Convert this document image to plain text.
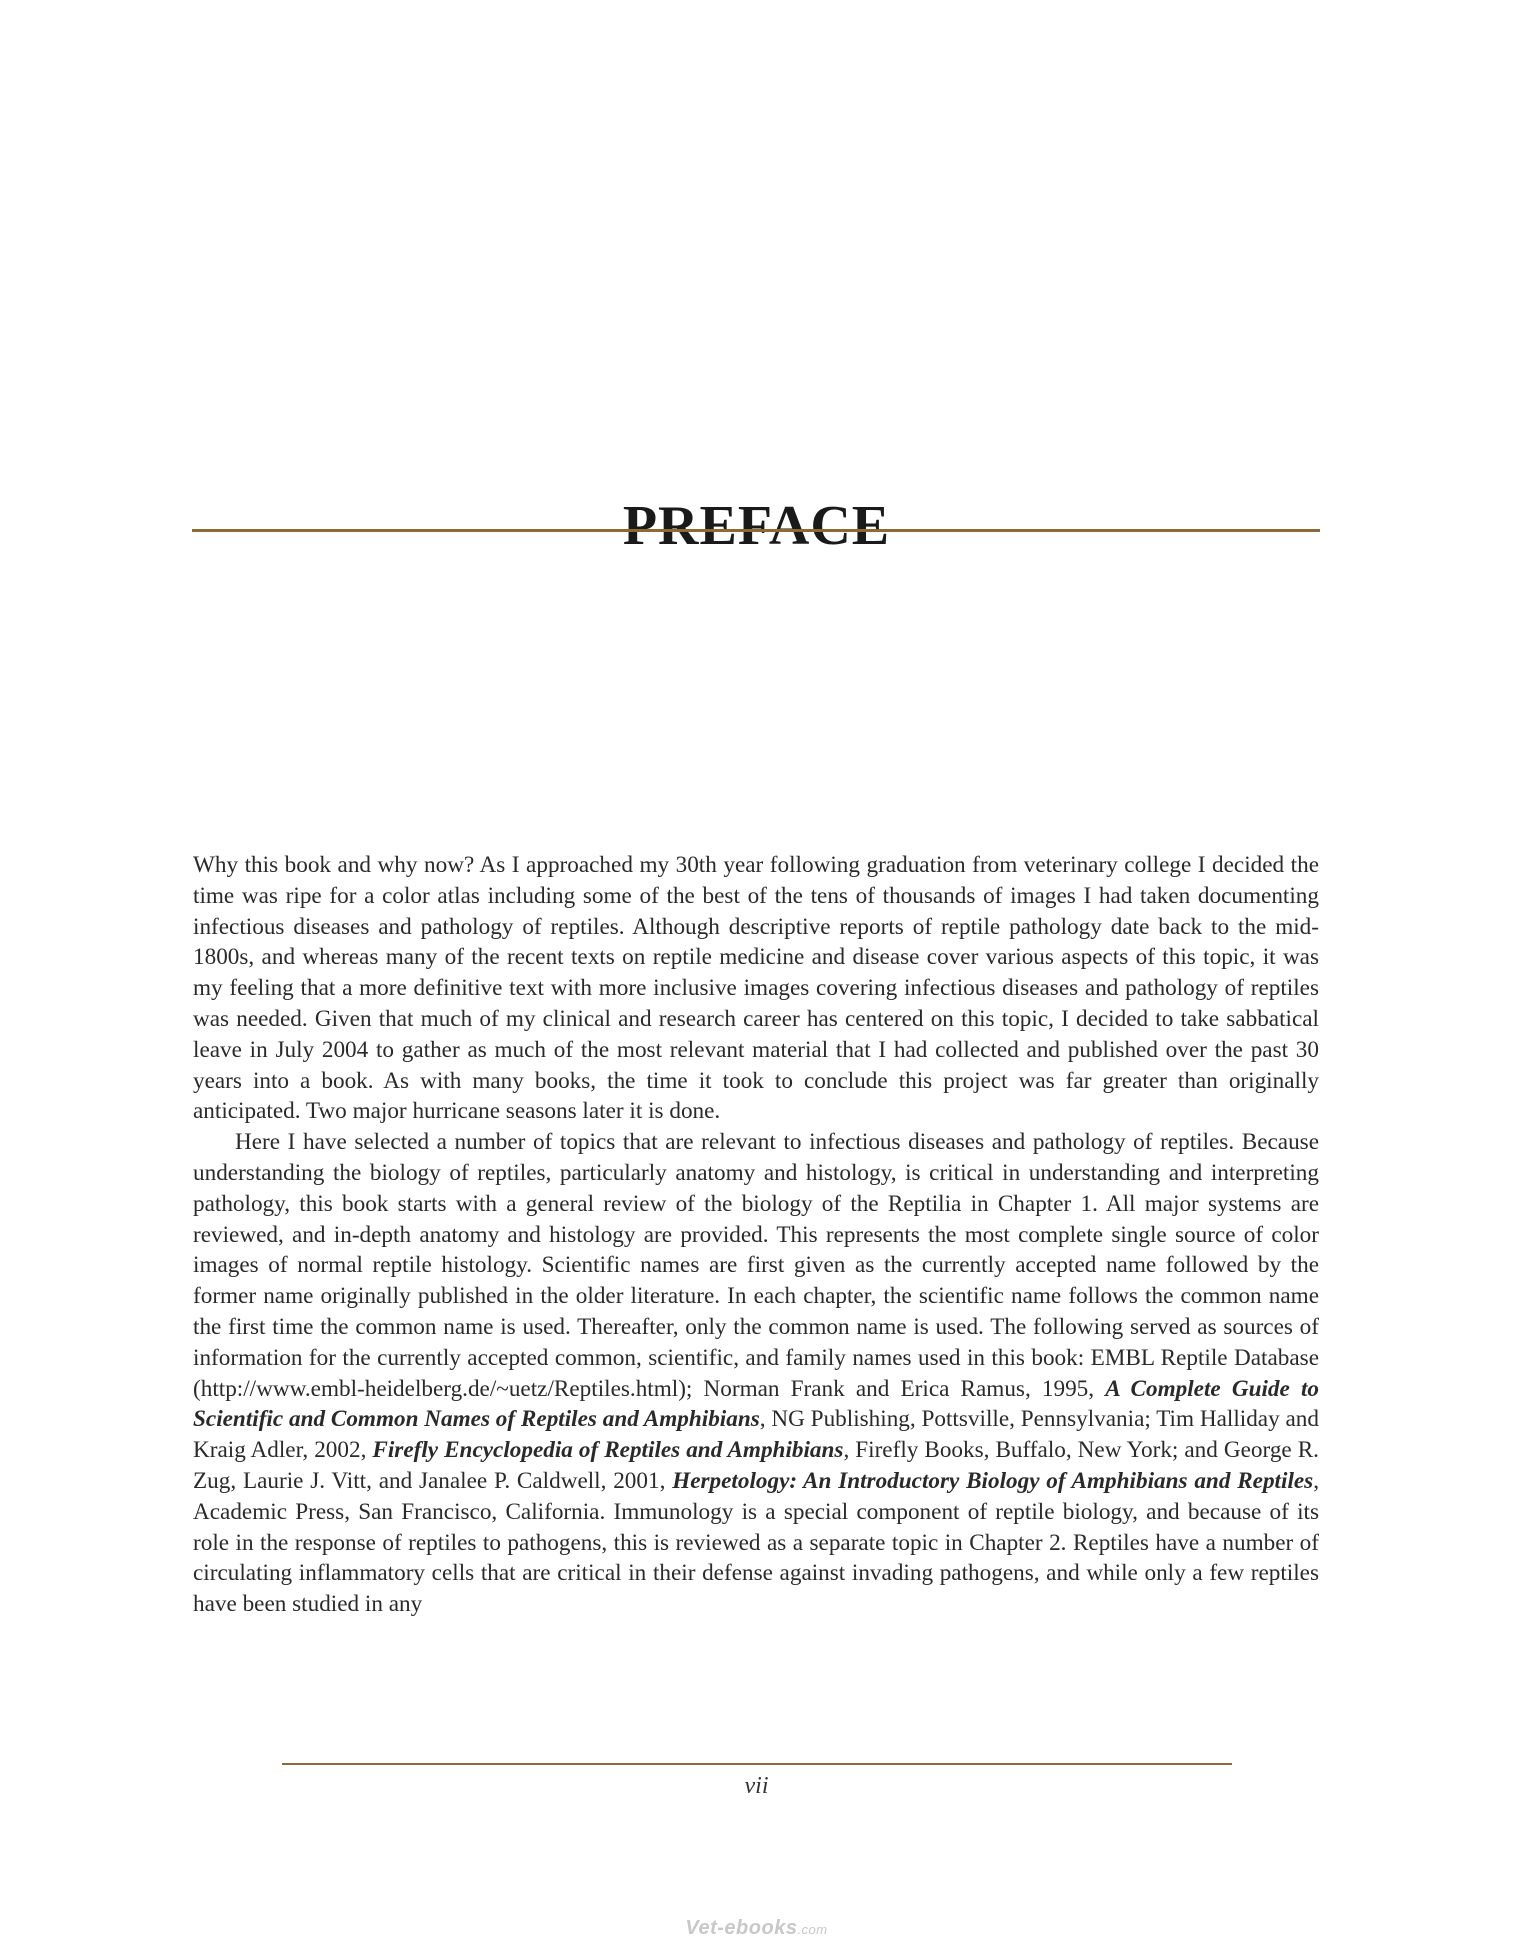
PREFACE

Why this book and why now? As I approached my 30th year following graduation from veterinary college I decided the time was ripe for a color atlas including some of the best of the tens of thousands of images I had taken documenting infectious diseases and pathology of reptiles. Although descriptive reports of reptile pathology date back to the mid-1800s, and whereas many of the recent texts on reptile medicine and disease cover various aspects of this topic, it was my feeling that a more definitive text with more inclusive images covering infectious diseases and pathology of reptiles was needed. Given that much of my clinical and research career has centered on this topic, I decided to take sabbatical leave in July 2004 to gather as much of the most relevant material that I had collected and published over the past 30 years into a book. As with many books, the time it took to conclude this project was far greater than originally anticipated. Two major hurricane seasons later it is done.

Here I have selected a number of topics that are relevant to infectious diseases and pathology of reptiles. Because understanding the biology of reptiles, particularly anatomy and histology, is critical in understanding and interpreting pathology, this book starts with a general review of the biology of the Reptilia in Chapter 1. All major systems are reviewed, and in-depth anatomy and histology are provided. This represents the most complete single source of color images of normal reptile histology. Scientific names are first given as the currently accepted name followed by the former name originally published in the older literature. In each chapter, the scientific name follows the common name the first time the common name is used. Thereafter, only the common name is used. The following served as sources of information for the currently accepted common, scientific, and family names used in this book: EMBL Reptile Database (http://www.embl-heidelberg.de/~uetz/Reptiles.html); Norman Frank and Erica Ramus, 1995, A Complete Guide to Scientific and Common Names of Reptiles and Amphibians, NG Publishing, Pottsville, Pennsylvania; Tim Halliday and Kraig Adler, 2002, Firefly Encyclopedia of Reptiles and Amphibians, Firefly Books, Buffalo, New York; and George R. Zug, Laurie J. Vitt, and Janalee P. Caldwell, 2001, Herpetology: An Introductory Biology of Amphibians and Reptiles, Academic Press, San Francisco, California. Immunology is a special component of reptile biology, and because of its role in the response of reptiles to pathogens, this is reviewed as a separate topic in Chapter 2. Reptiles have a number of circulating inflammatory cells that are critical in their defense against invading pathogens, and while only a few reptiles have been studied in any

vii
Vet-ebooks.com
